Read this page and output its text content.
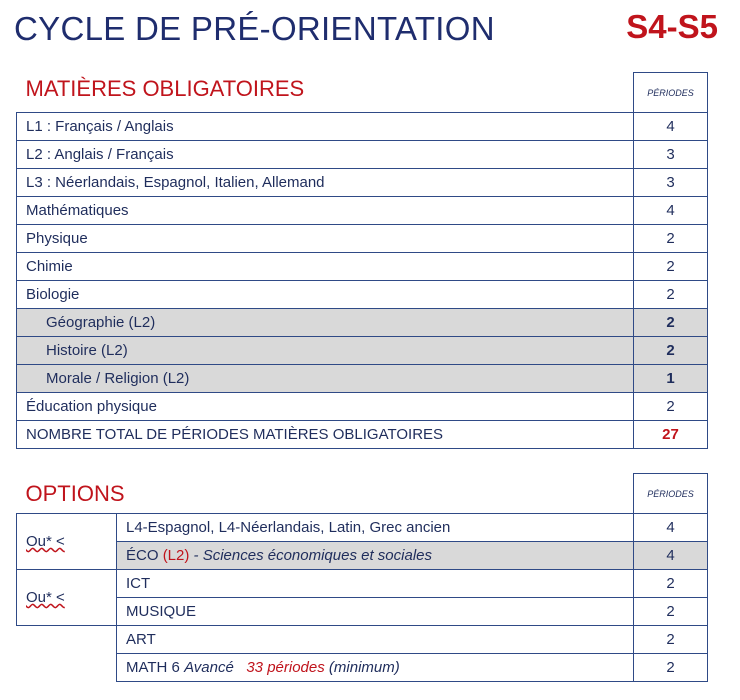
CYCLE DE PRÉ-ORIENTATION	S4-S5
MATIÈRES OBLIGATOIRES	PÉRIODES
L1 : Français / Anglais	4
L2 : Anglais / Français	3
L3 : Néerlandais, Espagnol, Italien, Allemand	3
Mathématiques	4
Physique	2
Chimie	2
Biologie	2
Géographie (L2)	2
Histoire (L2)	2
Morale / Religion (L2)	1
Éducation physique	2
NOMBRE TOTAL DE PÉRIODES MATIÈRES OBLIGATOIRES	27
OPTIONS		PÉRIODES
Ou* <	L4-Espagnol, L4-Néerlandais, Latin, Grec ancien	4
	ÉCO (L2) - Sciences économiques et sociales	4
Ou* <	ICT	2
	MUSIQUE	2
	ART	2
	MATH 6 Avancé 33 périodes (minimum)	2
